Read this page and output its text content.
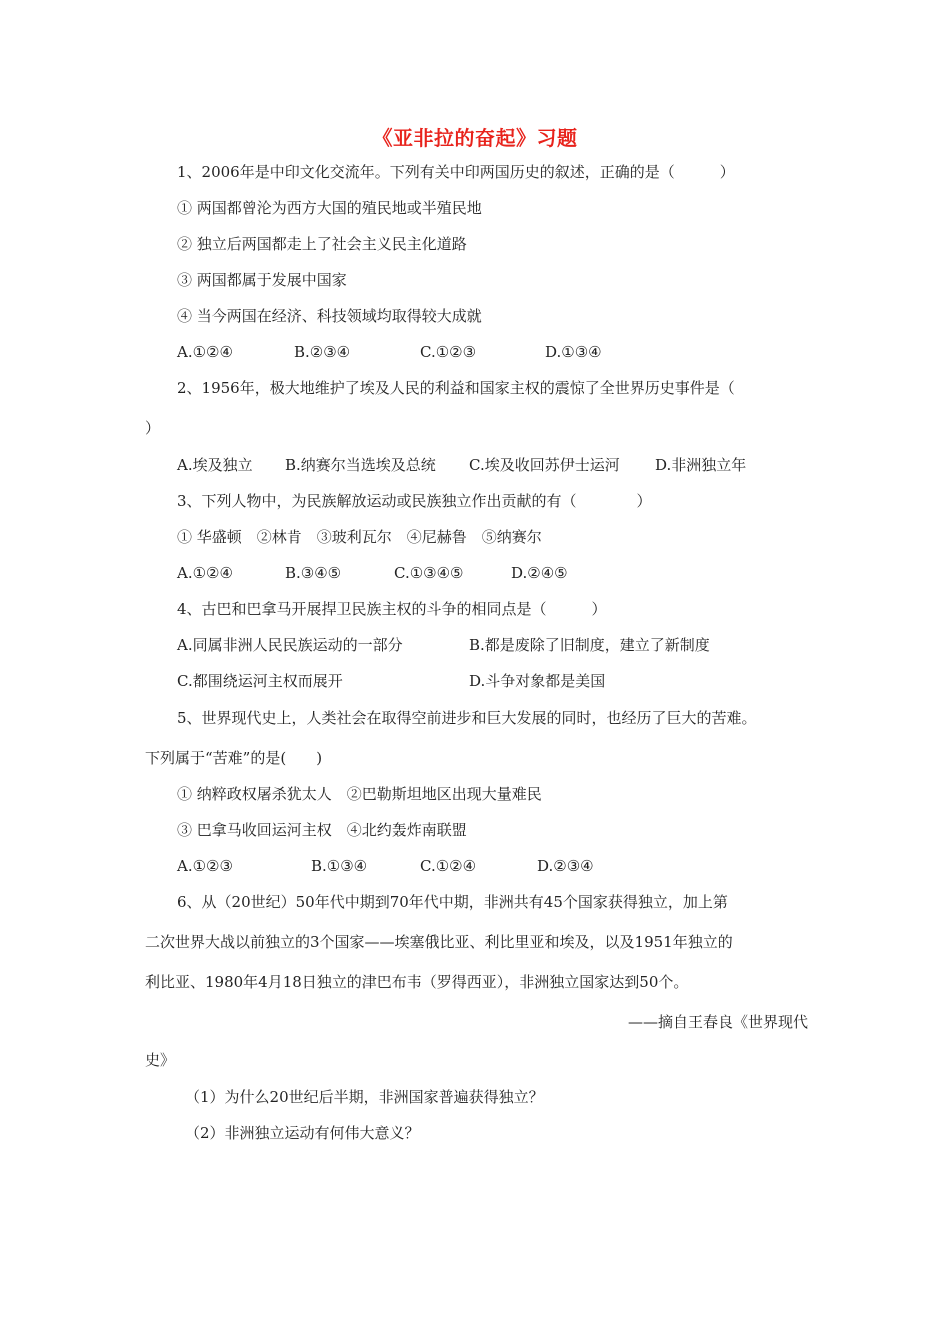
《亚非拉的奋起》习题
1、2006年是中印文化交流年。下列有关中印两国历史的叙述，正确的是（　　　）
① 两国都曾沦为西方大国的殖民地或半殖民地
② 独立后两国都走上了社会主义民主化道路
③ 两国都属于发展中国家
④ 当今两国在经济、科技领域均取得较大成就
A.①②④	B.②③④	C.①②③	D.①③④
2、1956年，极大地维护了埃及人民的利益和国家主权的震惊了全世界历史事件是（
）
A.埃及独立 B.纳赛尔当选埃及总统 C.埃及收回苏伊士运河 D.非洲独立年
3、下列人物中，为民族解放运动或民族独立作出贡献的有（　　　　）
① 华盛顿　②林肯　③玻利瓦尔　④尼赫鲁　⑤纳赛尔
A.①②④	B.③④⑤	C.①③④⑤	D.②④⑤
4、古巴和巴拿马开展捍卫民族主权的斗争的相同点是（　　　）
A.同属非洲人民民族运动的一部分	B.都是废除了旧制度，建立了新制度
C.都围绕运河主权而展开	D.斗争对象都是美国
5、世界现代史上，人类社会在取得空前进步和巨大发展的同时，也经历了巨大的苦难。
下列属于“苦难”的是(　　)
① 纳粹政权屠杀犹太人　②巴勒斯坦地区出现大量难民
③ 巴拿马收回运河主权　④北约轰炸南联盟
A.①②③	B.①③④	C.①②④	D.②③④
6、从（20世纪）50年代中期到70年代中期，非洲共有45个国家获得独立，加上第
二次世界大战以前独立的3个国家——埃塞俄比亚、利比里亚和埃及，以及1951年独立的
利比亚、1980年4月18日独立的津巴布韦（罗得西亚），非洲独立国家达到50个。
——摘自王春良《世界现代
史》
（1）为什么20世纪后半期，非洲国家普遍获得独立？
（2）非洲独立运动有何伟大意义？
